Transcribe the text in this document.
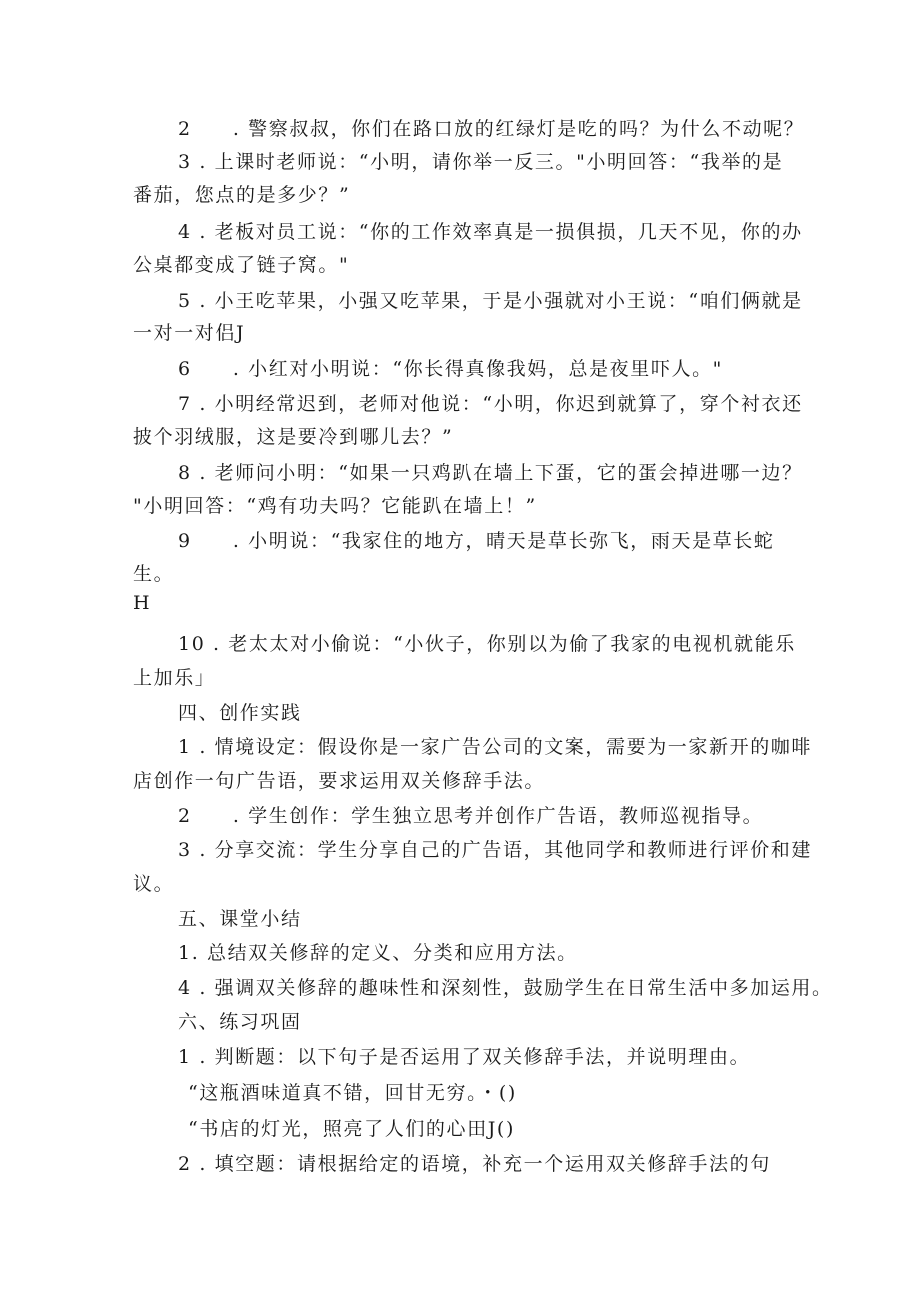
2　　. 警察叔叔，你们在路口放的红绿灯是吃的吗？为什么不动呢？
3 . 上课时老师说：“小明，请你举一反三。"小明回答：“我举的是
番茄，您点的是多少？”
4 . 老板对员工说：“你的工作效率真是一损俱损，几天不见，你的办
公桌都变成了链子窝。"
5 . 小王吃苹果，小强又吃苹果，于是小强就对小王说：“咱们俩就是
一对一对侣J
6　　. 小红对小明说：“你长得真像我妈，总是夜里吓人。"
7 . 小明经常迟到，老师对他说：“小明，你迟到就算了，穿个衬衣还
披个羽绒服，这是要冷到哪儿去？”
8 . 老师问小明：“如果一只鸡趴在墙上下蛋，它的蛋会掉进哪一边？
"小明回答：“鸡有功夫吗？它能趴在墙上！”
9　　. 小明说：“我家住的地方，晴天是草长弥飞，雨天是草长蛇
生。
H
10 . 老太太对小偷说：“小伙子，你别以为偷了我家的电视机就能乐
上加乐」
四、创作实践
1 . 情境设定：假设你是一家广告公司的文案，需要为一家新开的咖啡
店创作一句广告语，要求运用双关修辞手法。
2　　. 学生创作：学生独立思考并创作广告语，教师巡视指导。
3 . 分享交流：学生分享自己的广告语，其他同学和教师进行评价和建
议。
五、课堂小结
1. 总结双关修辞的定义、分类和应用方法。
4 . 强调双关修辞的趣味性和深刻性，鼓励学生在日常生活中多加运用。
六、练习巩固
1 . 判断题：以下句子是否运用了双关修辞手法，并说明理由。
“这瓶酒味道真不错，回甘无穷。・()
“书店的灯光，照亮了人们的心田J()
2 . 填空题：请根据给定的语境，补充一个运用双关修辞手法的句
